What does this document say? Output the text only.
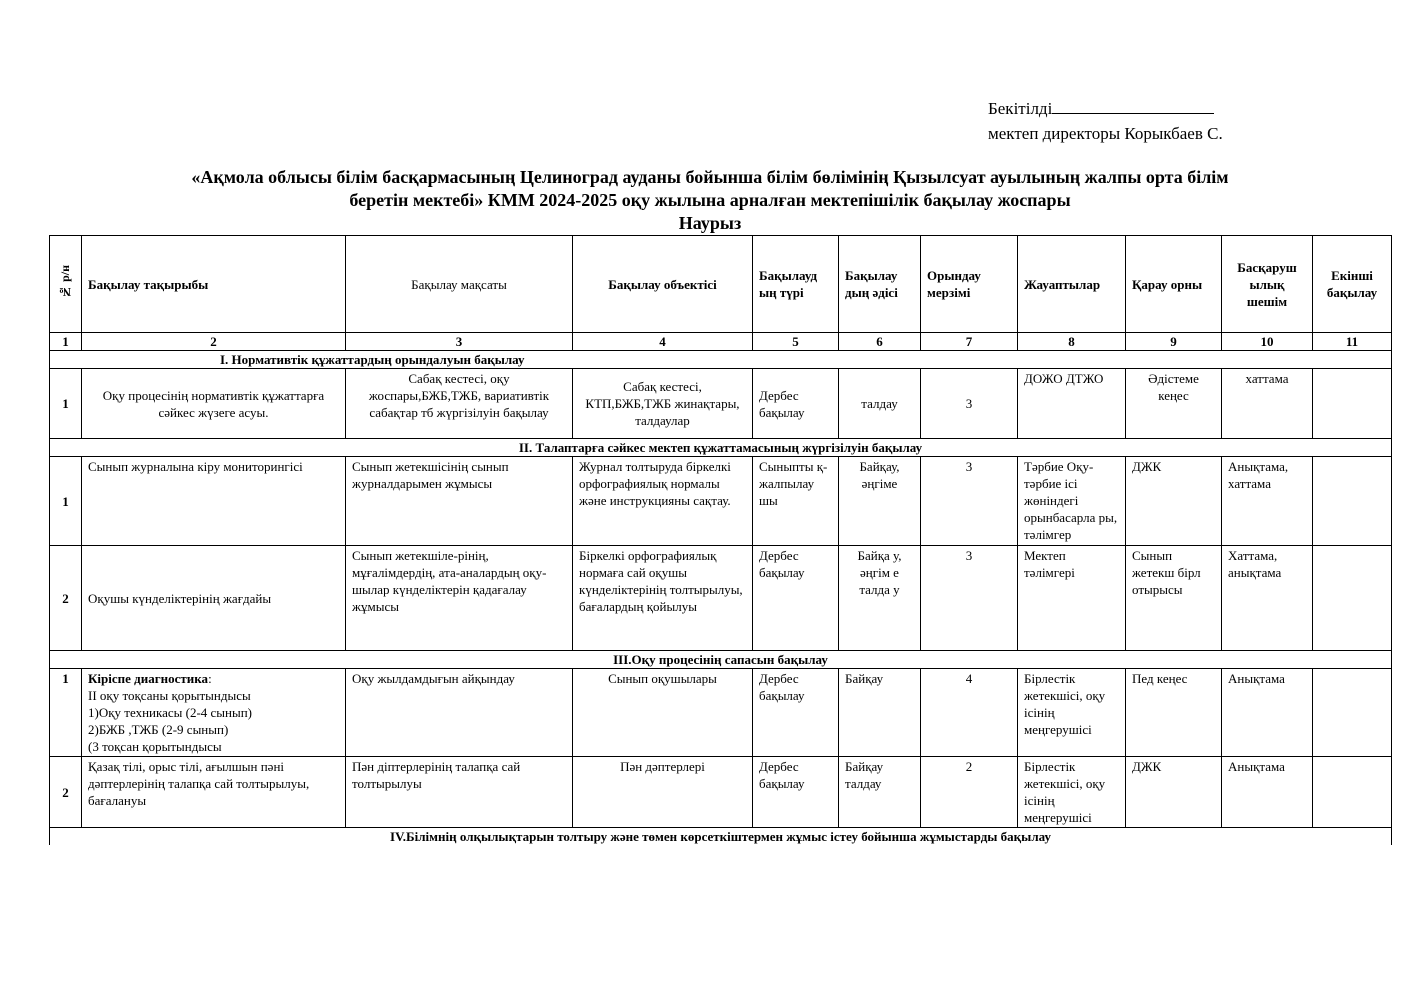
Бекітілді
мектеп директоры Корыкбаев С.
«Ақмола облысы білім басқармасының Целиноград ауданы бойынша білім бөлімінің Қызылсуат ауылының жалпы орта білім
беретін мектебі» КММ 2024-2025 оқу жылына арналған мектепішілік бақылау жоспары
Наурыз
№ р/н	Бақылау тақырыбы	Бақылау мақсаты	Бақылау объектісі	Бақылауд ың түрі	Бақылау дың әдісі	Орындау мерзімі	Жауаптылар	Қарау орны	Басқаруш ылық шешім	Екінші бақылау
1	2	3	4	5	6	7	8	9	10	11
I. Нормативтік құжаттардың орындалуын бақылау										
1	Оқу процесінің нормативтік құжаттарға сәйкес жүзеге асуы.	Сабақ кестесі, оқу жоспары,БЖБ,ТЖБ, вариативтік сабақтар тб жүргізілуін бақылау	Сабақ кестесі, КТП,БЖБ,ТЖБ жинақтары, талдаулар	Дербес бақылау	талдау	3	ДОЖО ДТЖО	Әдістеме кеңес	хаттама	
II. Талаптарға сәйкес мектеп құжаттамасының жүргізілуін бақылау										
1	Сынып журналына кіру мониторингісі	Сынып жетекшісінің сынып журналдарымен жұмысы	Журнал толтыруда біркелкі орфографиялық нормалы және инструкцияны сақтау.	Сыныпты қ-жалпылау шы	Байқау, әңгіме	3	Тәрбие Оқу-тәрбие ісі жөніндегі орынбасарла ры, тәлімгер	ДЖК	Анықтама, хаттама	
2	Оқушы күнделіктерінің жағдайы	Сынып жетекшіле-рінің, мұғалімдердің, ата-аналардың оқу-шылар күнделіктерін қадағалау жұмысы	Біркелкі орфографиялық нормаға сай оқушы күнделіктерінің толтырылуы, бағалардың қойылуы	Дербес бақылау	Байқа у, әңгім е талда у	3	Мектеп тәлімгері	Сынып жетекш бірл отырысы	Хаттама, анықтама	
III.Оқу процесінің сапасын бақылау										
1	Кіріспе диагностика:
II оқу тоқсаны қорытындысы
1)Оқу техникасы (2-4 сынып)
2)БЖБ ,ТЖБ (2-9 сынып)
(3 тоқсан қорытындысы	Оқу жылдамдығын айқындау	Сынып оқушылары	Дербес бақылау	Байқау	4	Бірлестік жетекшісі, оқу ісінің меңгерушісі	Пед кеңес	Анықтама	
2	Қазақ тілі, орыс тілі, ағылшын пәні дәптерлерінің талапқа сай толтырылуы, бағалануы	Пән діптерлерінің талапқа сай толтырылуы	Пән дәптерлері	Дербес бақылау	Байқау талдау	2	Бірлестік жетекшісі, оқу ісінің меңгерушісі	ДЖК	Анықтама	
IV.Білімнің олқылықтарын толтыру және төмен көрсеткіштермен жұмыс істеу бойынша жұмыстарды бақылау										
